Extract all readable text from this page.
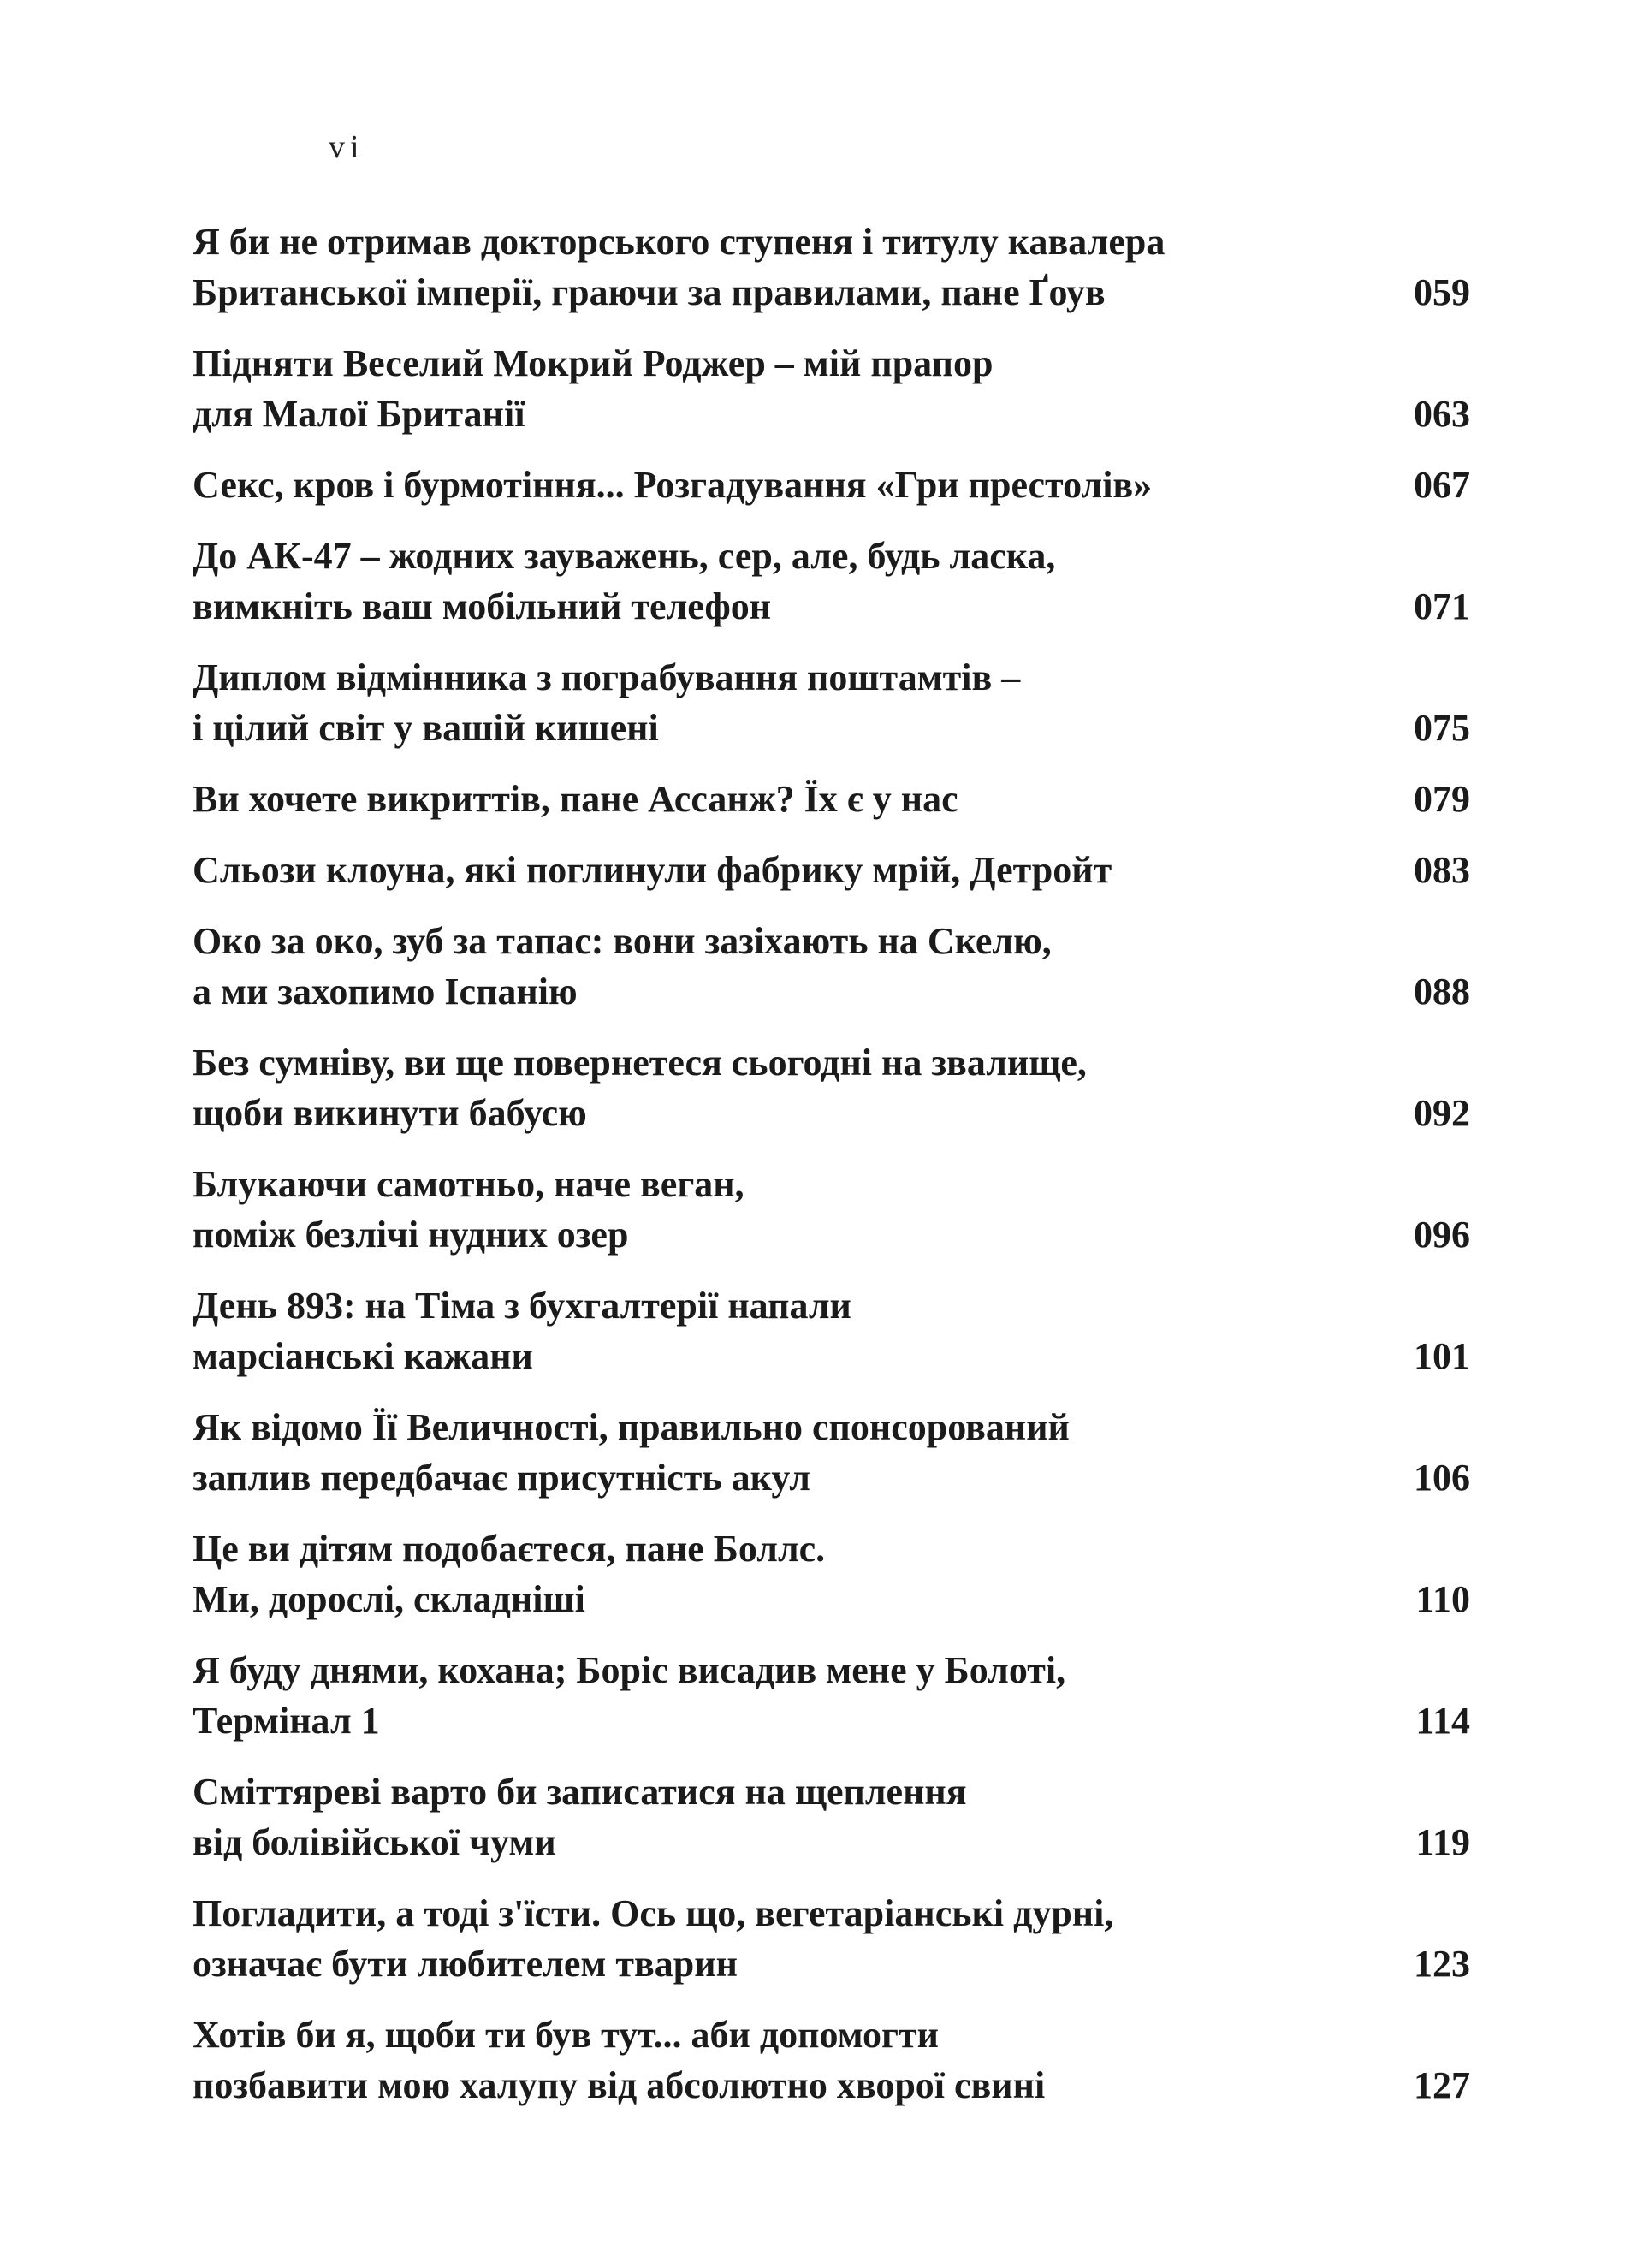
vi
Я би не отримав докторського ступеня і титулу кавалера
Британської імперії, граючи за правилами, пане Ґоув	059
Підняти Веселий Мокрий Роджер – мій прапор
для Малої Британії	063
Секс, кров і бурмотіння... Розгадування «Гри престолів»	067
До АК-47 – жодних зауважень, сер, але, будь ласка,
вимкніть ваш мобільний телефон	071
Диплом відмінника з пограбування поштамтів –
і цілий світ у вашій кишені	075
Ви хочете викриттів, пане Ассанж? Їх є у нас	079
Сльози клоуна, які поглинули фабрику мрій, Детройт	083
Око за око, зуб за тапас: вони зазіхають на Скелю,
а ми захопимо Іспанію	088
Без сумніву, ви ще повернетеся сьогодні на звалище,
щоби викинути бабусю	092
Блукаючи самотньо, наче веган,
поміж безлічі нудних озер	096
День 893: на Тіма з бухгалтерії напали
марсіанські кажани	101
Як відомо Її Величності, правильно спонсорований
заплив передбачає присутність акул	106
Це ви дітям подобаєтеся, пане Боллс.
Ми, дорослі, складніші	110
Я буду днями, кохана; Боріс висадив мене у Болоті,
Термінал 1	114
Сміттяреві варто би записатися на щеплення
від болівійської чуми	119
Погладити, а тоді з'їсти. Ось що, вегетаріанські дурні,
означає бути любителем тварин	123
Хотів би я, щоби ти був тут... аби допомогти
позбавити мою халупу від абсолютно хворої свині	127
